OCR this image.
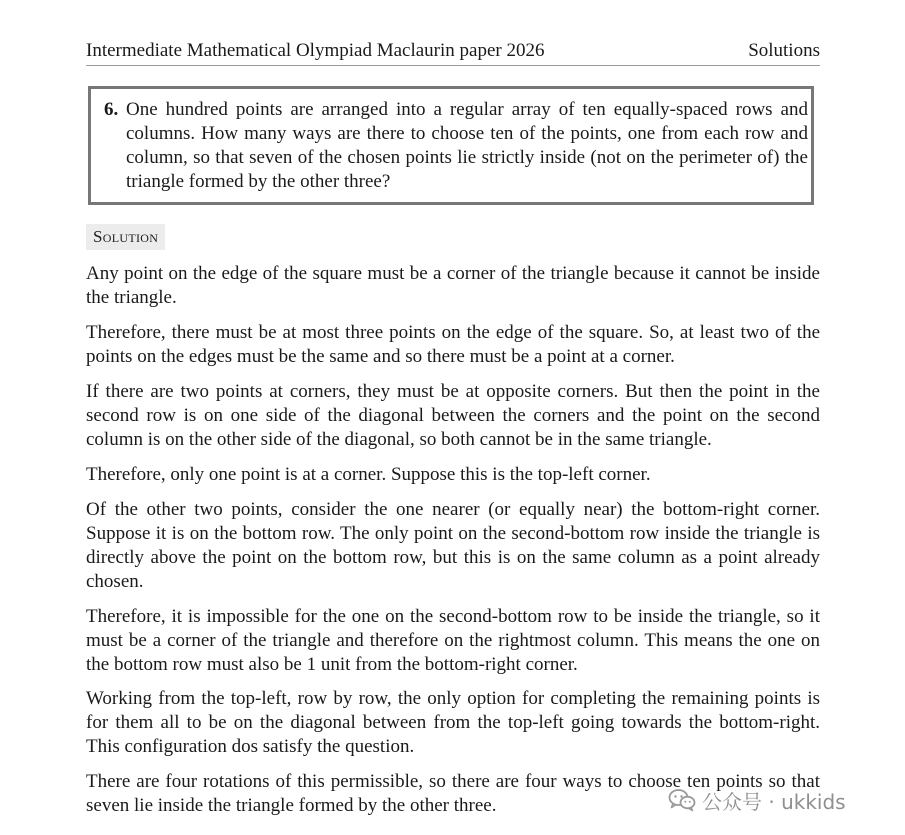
Intermediate Mathematical Olympiad Maclaurin paper 2026	Solutions
6. One hundred points are arranged into a regular array of ten equally-spaced rows and columns. How many ways are there to choose ten of the points, one from each row and column, so that seven of the chosen points lie strictly inside (not on the perimeter of) the triangle formed by the other three?

Solution

Any point on the edge of the square must be a corner of the triangle because it cannot be inside the triangle.

Therefore, there must be at most three points on the edge of the square. So, at least two of the points on the edges must be the same and so there must be a point at a corner.

If there are two points at corners, they must be at opposite corners. But then the point in the second row is on one side of the diagonal between the corners and the point on the second column is on the other side of the diagonal, so both cannot be in the same triangle.

Therefore, only one point is at a corner. Suppose this is the top-left corner.

Of the other two points, consider the one nearer (or equally near) the bottom-right corner. Suppose it is on the bottom row. The only point on the second-bottom row inside the triangle is directly above the point on the bottom row, but this is on the same column as a point already chosen.

Therefore, it is impossible for the one on the second-bottom row to be inside the triangle, so it must be a corner of the triangle and therefore on the rightmost column. This means the one on the bottom row must also be 1 unit from the bottom-right corner.

Working from the top-left, row by row, the only option for completing the remaining points is for them all to be on the diagonal between from the top-left going towards the bottom-right. This configuration dos satisfy the question.

There are four rotations of this permissible, so there are four ways to choose ten points so that seven lie inside the triangle formed by the other three.	公众号 · ukkids
